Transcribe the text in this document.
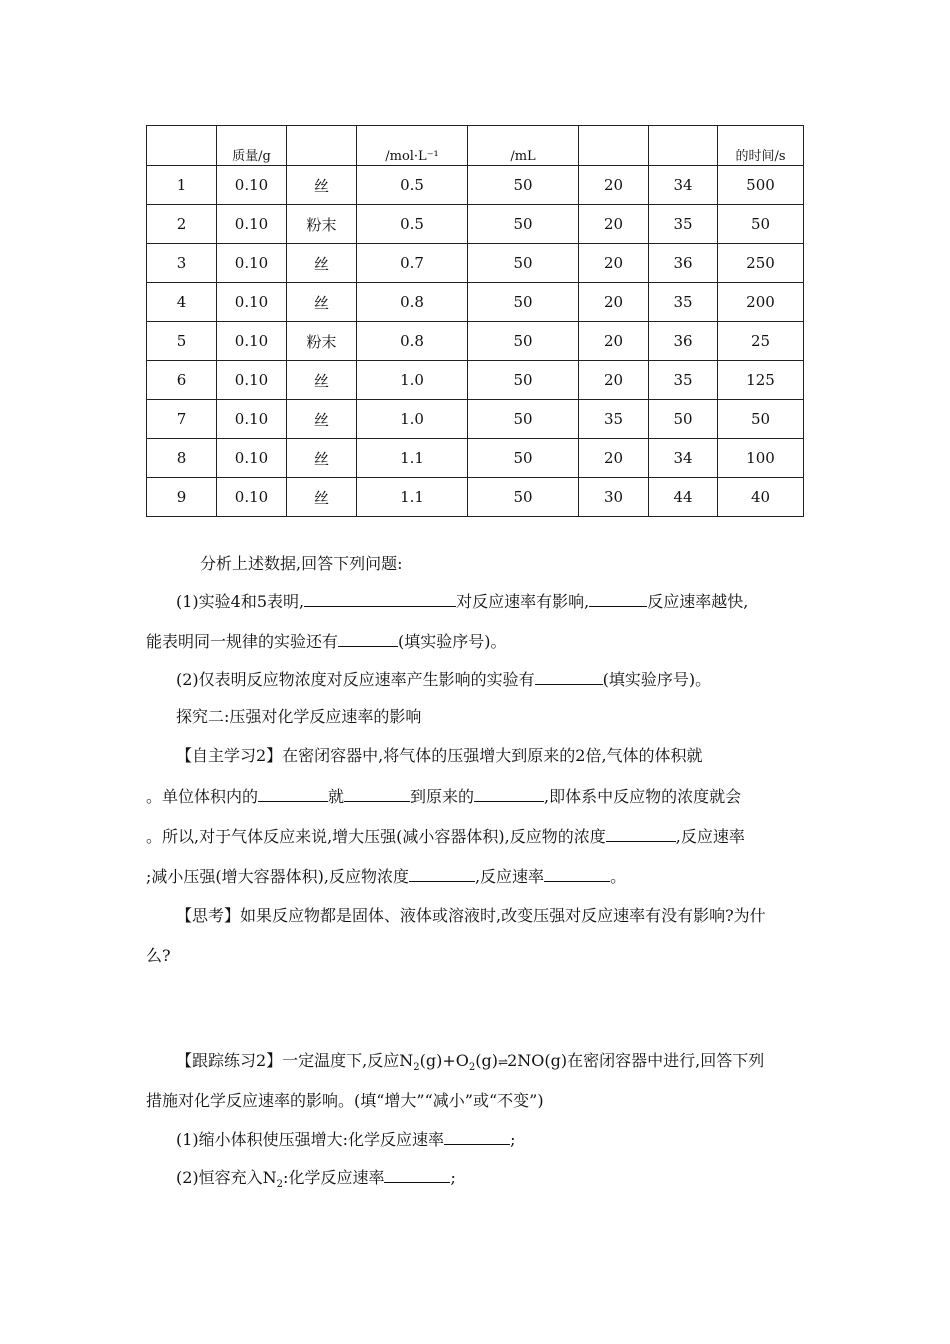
	质量/g		/mol·L⁻¹	/mL			的时间/s
1	0.10	丝	0.5	50	20	34	500
2	0.10	粉末	0.5	50	20	35	50
3	0.10	丝	0.7	50	20	36	250
4	0.10	丝	0.8	50	20	35	200
5	0.10	粉末	0.8	50	20	36	25
6	0.10	丝	1.0	50	20	35	125
7	0.10	丝	1.0	50	35	50	50
8	0.10	丝	1.1	50	20	34	100
9	0.10	丝	1.1	50	30	44	40
分析上述数据,回答下列问题:
(1)实验4和5表明,	对反应速率有影响,	反应速率越快,
能表明同一规律的实验还有	(填实验序号)。
(2)仅表明反应物浓度对反应速率产生影响的实验有	(填实验序号)。
探究二:压强对化学反应速率的影响
【自主学习2】在密闭容器中,将气体的压强增大到原来的2倍,气体的体积就
。单位体积内的	就	到原来的	,即体系中反应物的浓度就会
。所以,对于气体反应来说,增大压强(减小容器体积),反应物的浓度	,反应速率
;减小压强(增大容器体积),反应物浓度	,反应速率	。
【思考】如果反应物都是固体、液体或溶液时,改变压强对反应速率有没有影响?为什
么?
【跟踪练习2】一定温度下,反应$N_2(g)+O_2(g)\rightleftharpoons 2NO(g)$在密闭容器中进行,回答下列
措施对化学反应速率的影响。(填“增大”“减小”或“不变”)
(1)缩小体积使压强增大:化学反应速率	;
(2)恒容充入$N_2$:化学反应速率	;
